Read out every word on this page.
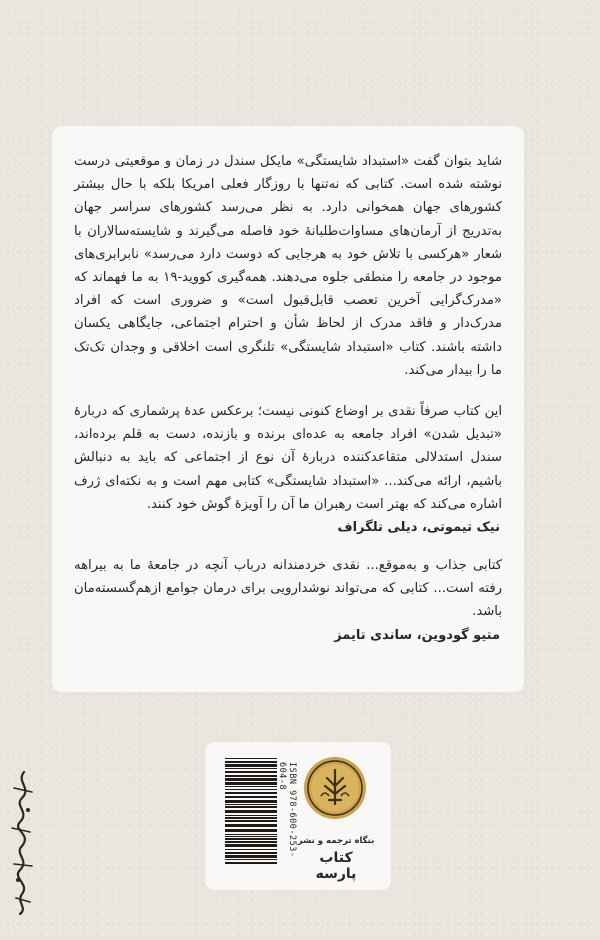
شاید بتوان گفت «استبداد شایستگی» مایکل سندل در زمان و موقعیتی درست نوشته شده است. کتابی که نه‌تنها با روزگار فعلی امریکا بلکه با حال بیشتر کشورهای جهان همخوانی دارد. به نظر می‌رسد کشورهای سراسر جهان به‌تدریج از آرمان‌های مساوات‌طلبانهٔ خود فاصله می‌گیرند و شایسته‌سالاران با شعار «هرکسی با تلاش خود به هرجایی که دوست دارد می‌رسد» نابرابری‌های موجود در جامعه را منطقی جلوه می‌دهند. همه‌گیری کووید-۱۹ به ما فهماند که «مدرک‌گرایی آخرین تعصب قابل‌قبول است» و ضروری است که افراد مدرک‌دار و فاقد مدرک از لحاظ شأن و احترام اجتماعی، جایگاهی یکسان داشته باشند. کتاب «استبداد شایستگی» تلنگری است اخلاقی و وجدان تک‌تک ما را بیدار می‌کند.

این کتاب صرفاً نقدی بر اوضاع کنونی نیست؛ برعکس عدهٔ پرشماری که دربارهٔ «تبدیل شدن» افراد جامعه به عده‌ای برنده و بازنده، دست به قلم برده‌اند، سندل استدلالی متقاعدکننده دربارهٔ آن نوع از اجتماعی که باید به دنبالش باشیم، ارائه می‌کند... «استبداد شایستگی» کتابی مهم است و به نکته‌ای ژرف اشاره می‌کند که بهتر است رهبران ما آن را آویزهٔ گوش خود کنند.

نیک تیموتی، دیلی تلگراف

کتابی جذاب و به‌موقع... نقدی خردمندانه درباب آنچه در جامعهٔ ما به بیراهه رفته است... کتابی که می‌تواند نوشدارویی برای درمان جوامع ازهم‌گسسته‌مان باشد.

متیو گودوین، ساندی تایمز

ISBN 978-600-253-604-8
بنگاه ترجمه و نشر
کتاب پارسه
